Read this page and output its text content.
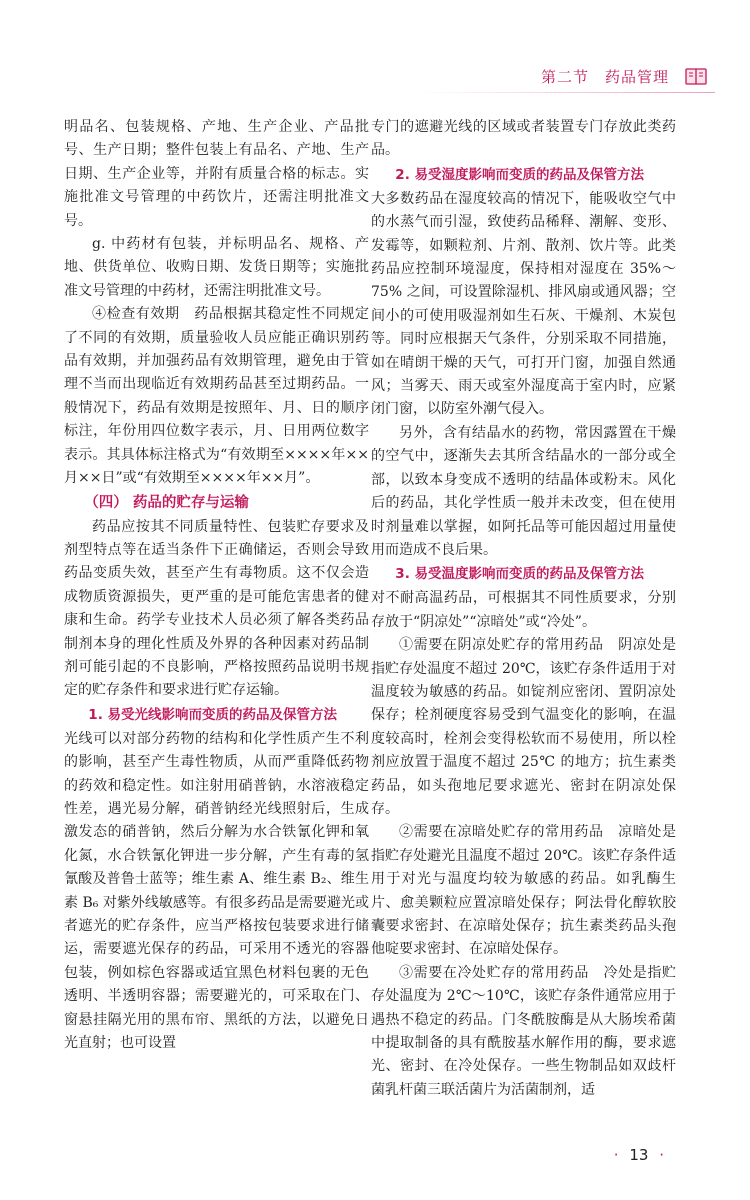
第二节　药品管理

明品名、包装规格、产地、生产企业、产品批号、生产日期；整件包装上有品名、产地、生产日期、生产企业等，并附有质量合格的标志。实施批准文号管理的中药饮片，还需注明批准文号。

g. 中药材有包装，并标明品名、规格、产地、供货单位、收购日期、发货日期等；实施批准文号管理的中药材，还需注明批准文号。

④检查有效期　药品根据其稳定性不同规定了不同的有效期，质量验收人员应能正确识别药品有效期，并加强药品有效期管理，避免由于管理不当而出现临近有效期药品甚至过期药品。一般情况下，药品有效期是按照年、月、日的顺序标注，年份用四位数字表示，月、日用两位数字表示。其具体标注格式为“有效期至××××年××月××日”或“有效期至××××年××月”。

（四） 药品的贮存与运输

药品应按其不同质量特性、包装贮存要求及剂型特点等在适当条件下正确储运，否则会导致药品变质失效，甚至产生有毒物质。这不仅会造成物质资源损失，更严重的是可能危害患者的健康和生命。药学专业技术人员必须了解各类药品制剂本身的理化性质及外界的各种因素对药品制剂可能引起的不良影响，严格按照药品说明书规定的贮存条件和要求进行贮存运输。

1. 易受光线影响而变质的药品及保管方法

光线可以对部分药物的结构和化学性质产生不利的影响，甚至产生毒性物质，从而严重降低药物的药效和稳定性。如注射用硝普钠，水溶液稳定性差，遇光易分解，硝普钠经光线照射后，生成激发态的硝普钠，然后分解为水合铁氰化钾和氧化氮，水合铁氰化钾进一步分解，产生有毒的氢氰酸及普鲁士蓝等；维生素 A、维生素 B₂、维生素 B₆ 对紫外线敏感等。有很多药品是需要避光或者遮光的贮存条件，应当严格按包装要求进行储运，需要遮光保存的药品，可采用不透光的容器包装，例如棕色容器或适宜黑色材料包裹的无色透明、半透明容器；需要避光的，可采取在门、窗悬挂隔光用的黑布帘、黑纸的方法，以避免日光直射；也可设置

专门的遮避光线的区域或者装置专门存放此类药品。

2. 易受湿度影响而变质的药品及保管方法

大多数药品在湿度较高的情况下，能吸收空气中的水蒸气而引湿，致使药品稀释、潮解、变形、发霉等，如颗粒剂、片剂、散剂、饮片等。此类药品应控制环境湿度，保持相对湿度在 35%～75% 之间，可设置除湿机、排风扇或通风器；空间小的可使用吸湿剂如生石灰、干燥剂、木炭包等。同时应根据天气条件，分别采取不同措施，如在晴朗干燥的天气，可打开门窗，加强自然通风；当雾天、雨天或室外湿度高于室内时，应紧闭门窗，以防室外潮气侵入。

另外，含有结晶水的药物，常因露置在干燥的空气中，逐渐失去其所含结晶水的一部分或全部，以致本身变成不透明的结晶体或粉末。风化后的药品，其化学性质一般并未改变，但在使用时剂量难以掌握，如阿托品等可能因超过用量使用而造成不良后果。

3. 易受温度影响而变质的药品及保管方法

对不耐高温药品，可根据其不同性质要求，分别存放于“阴凉处”“凉暗处”或“冷处”。

①需要在阴凉处贮存的常用药品　阴凉处是指贮存处温度不超过 20℃，该贮存条件适用于对温度较为敏感的药品。如锭剂应密闭、置阴凉处保存；栓剂硬度容易受到气温变化的影响，在温度较高时，栓剂会变得松软而不易使用，所以栓剂应放置于温度不超过 25℃ 的地方；抗生素类药品，如头孢地尼要求遮光、密封在阴凉处保存。

②需要在凉暗处贮存的常用药品　凉暗处是指贮存处避光且温度不超过 20℃。该贮存条件适用于对光与温度均较为敏感的药品。如乳酶生片、愈美颗粒应置凉暗处保存；阿法骨化醇软胶囊要求密封、在凉暗处保存；抗生素类药品头孢他啶要求密封、在凉暗处保存。

③需要在冷处贮存的常用药品　冷处是指贮存处温度为 2℃～10℃，该贮存条件通常应用于遇热不稳定的药品。门冬酰胺酶是从大肠埃希菌中提取制备的具有酰胺基水解作用的酶，要求遮光、密封、在冷处保存。一些生物制品如双歧杆菌乳杆菌三联活菌片为活菌制剂，适

· 13 ·
